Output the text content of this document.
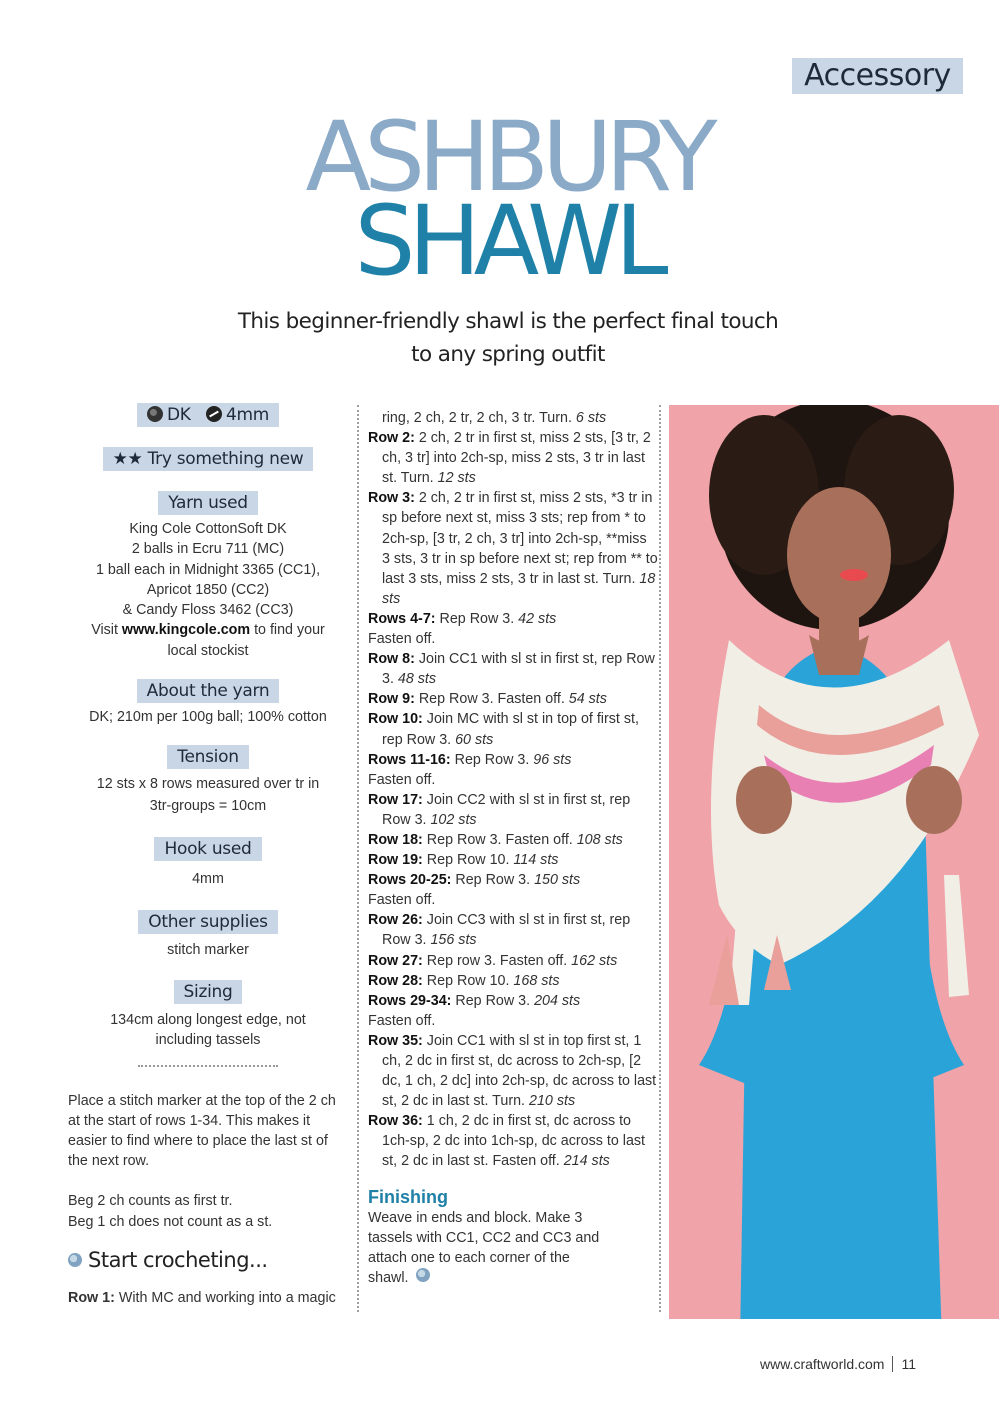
Accessory
ASHBURY
SHAWL
This beginner-friendly shawl is the perfect final touch
to any spring outfit
DK 4mm
★★ Try something new
Yarn used
King Cole CottonSoft DK
2 balls in Ecru 711 (MC)
1 ball each in Midnight 3365 (CC1),
Apricot 1850 (CC2)
& Candy Floss 3462 (CC3)
Visit www.kingcole.com to find your
local stockist
About the yarn
DK; 210m per 100g ball; 100% cotton
Tension
12 sts x 8 rows measured over tr in
3tr-groups = 10cm
Hook used
4mm
Other supplies
stitch marker
Sizing
134cm along longest edge, not
including tassels
Place a stitch marker at the top of the 2 ch at the start of rows 1-34. This makes it easier to find where to place the last st of the next row.
Beg 2 ch counts as first tr.
Beg 1 ch does not count as a st.
Start crocheting...
Row 1: With MC and working into a magic
ring, 2 ch, 2 tr, 2 ch, 3 tr. Turn. 6 sts
Row 2: 2 ch, 2 tr in first st, miss 2 sts, [3 tr, 2 ch, 3 tr] into 2ch-sp, miss 2 sts, 3 tr in last st. Turn. 12 sts
Row 3: 2 ch, 2 tr in first st, miss 2 sts, *3 tr in sp before next st, miss 3 sts; rep from * to 2ch-sp, [3 tr, 2 ch, 3 tr] into 2ch-sp, **miss 3 sts, 3 tr in sp before next st; rep from ** to last 3 sts, miss 2 sts, 3 tr in last st. Turn. 18 sts
Rows 4-7: Rep Row 3. 42 sts
Fasten off.
Row 8: Join CC1 with sl st in first st, rep Row 3. 48 sts
Row 9: Rep Row 3. Fasten off. 54 sts
Row 10: Join MC with sl st in top of first st, rep Row 3. 60 sts
Rows 11-16: Rep Row 3. 96 sts
Fasten off.
Row 17: Join CC2 with sl st in first st, rep Row 3. 102 sts
Row 18: Rep Row 3. Fasten off. 108 sts
Row 19: Rep Row 10. 114 sts
Rows 20-25: Rep Row 3. 150 sts
Fasten off.
Row 26: Join CC3 with sl st in first st, rep Row 3. 156 sts
Row 27: Rep row 3. Fasten off. 162 sts
Row 28: Rep Row 10. 168 sts
Rows 29-34: Rep Row 3. 204 sts
Fasten off.
Row 35: Join CC1 with sl st in top first st, 1 ch, 2 dc in first st, dc across to 2ch-sp, [2 dc, 1 ch, 2 dc] into 2ch-sp, dc across to last st, 2 dc in last st. Turn. 210 sts
Row 36: 1 ch, 2 dc in first st, dc across to 1ch-sp, 2 dc into 1ch-sp, dc across to last st, 2 dc in last st. Fasten off. 214 sts
Finishing
Weave in ends and block. Make 3 tassels with CC1, CC2 and CC3 and attach one to each corner of the shawl.
www.craftworld.com 11
